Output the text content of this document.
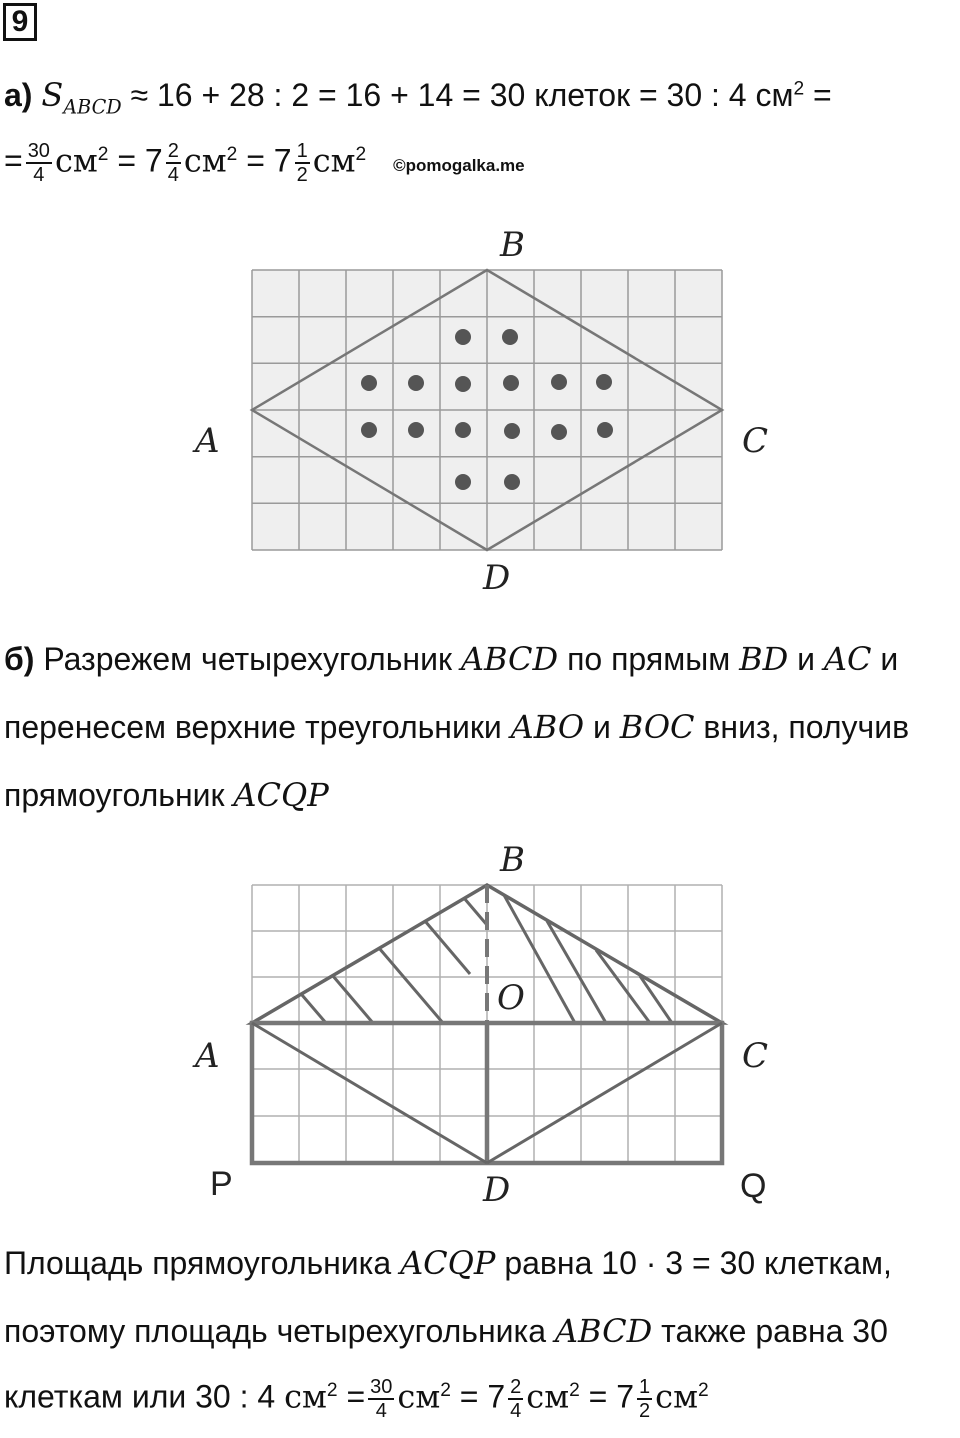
9
а) $S_{ABCD} \approx 16 + 28$ : 2 = 16 + 14 = 30 клеток = 30 : 4 $см^2$ =
= $\frac{30}{4} см^2 = 7 \frac{2}{4} см^2 = 7 \frac{1}{2} см^2$ ©pomogalka.me
B
A	C
D
б) Разрежем четырехугольник ABCD по прямым BD и AC и
перенесем верхние треугольники ABO и BOC вниз, получив
прямоугольник ACQP
B
O
A	C
P	D	Q
Площадь прямоугольника ACQP равна 10 · 3 = 30 клеткам,
поэтому площадь четырехугольника ABCD также равна 30
клеткам или 30 : 4 $см^2 = \frac{30}{4} см^2 = 7 \frac{2}{4} см^2 = 7 \frac{1}{2} см^2$
